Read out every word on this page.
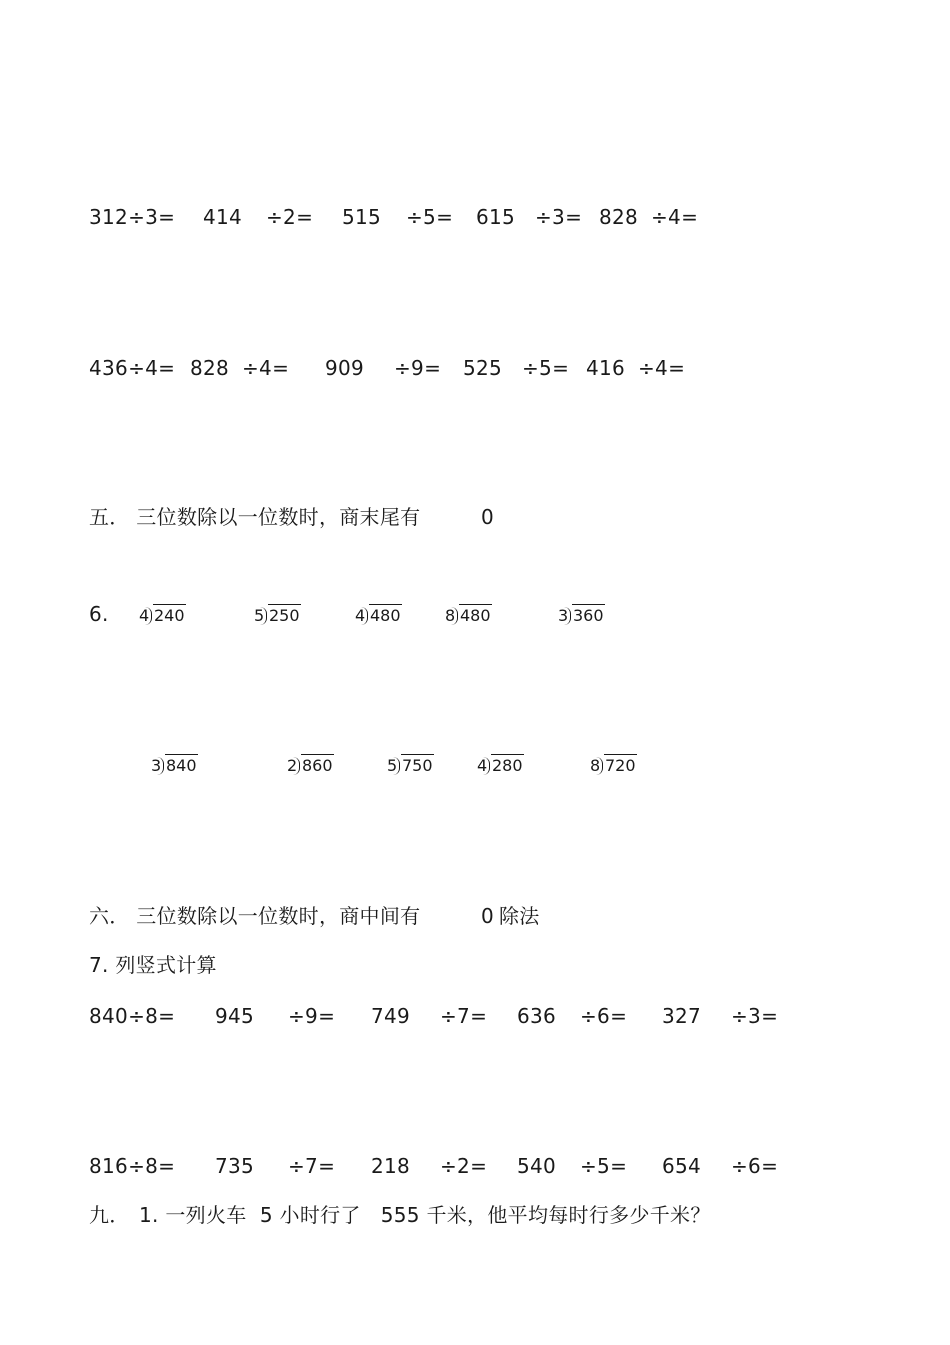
312÷3= 414 ÷2= 515 ÷5= 615 ÷3= 828 ÷4=
436÷4= 828 ÷4= 909 ÷9= 525 ÷5= 416 ÷4=
五． 三位数除以一位数时，商末尾有	0
6. 4 240	5 250	4 480	8 480	3 360
3 840	2 860	5 750	4 280	8 720
六． 三位数除以一位数时，商中间有	0 除法
7. 列竖式计算
840÷8= 945 ÷9= 749 ÷7= 636 ÷6= 327 ÷3=
816÷8= 735 ÷7= 218 ÷2= 540 ÷5= 654 ÷6=
九． 1. 一列火车  5 小时行了   555 千米，他平均每时行多少千米？
